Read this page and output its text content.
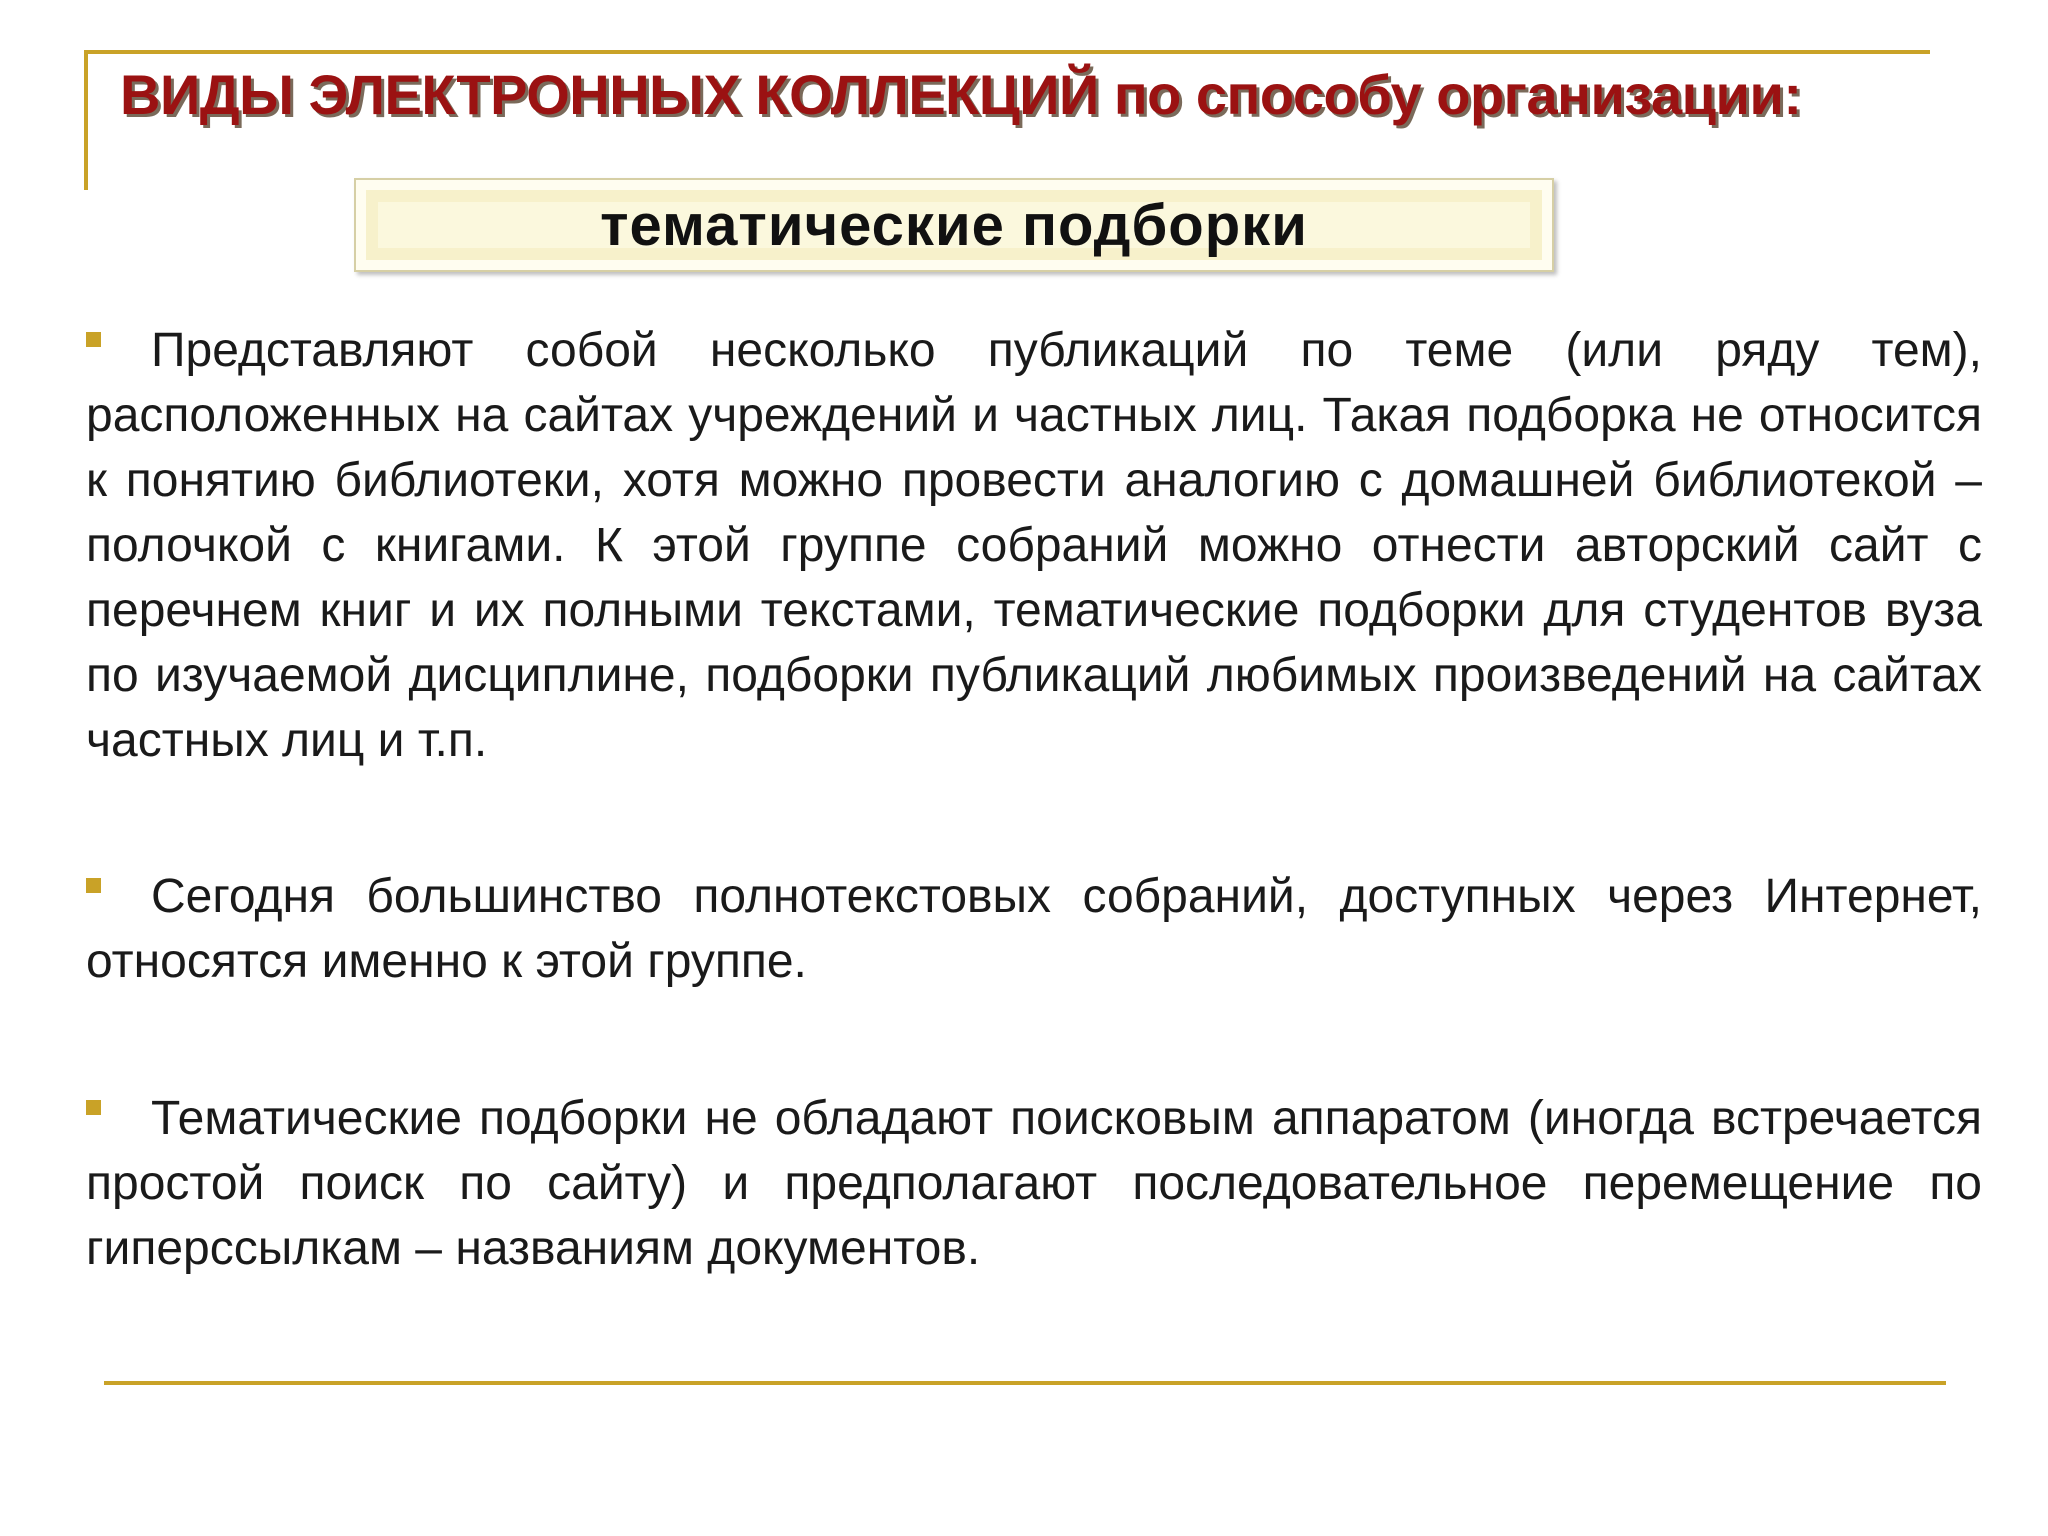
ВИДЫ ЭЛЕКТРОННЫХ КОЛЛЕКЦИЙ по способу организации:
тематические подборки

Представляют собой несколько публикаций по теме (или ряду тем), расположенных на сайтах учреждений и частных лиц. Такая подборка не относится к понятию библиотеки, хотя можно провести аналогию с домашней библиотекой – полочкой с книгами. К этой группе собраний можно отнести авторский сайт с перечнем книг и их полными текстами, тематические подборки для студентов вуза по изучаемой дисциплине, подборки публикаций любимых произведений на сайтах частных лиц и т.п.

Сегодня большинство полнотекстовых собраний, доступных через Интернет, относятся именно к этой группе.

Тематические подборки не обладают поисковым аппаратом (иногда встречается простой поиск по сайту) и предполагают последовательное перемещение по гиперссылкам – названиям документов.
